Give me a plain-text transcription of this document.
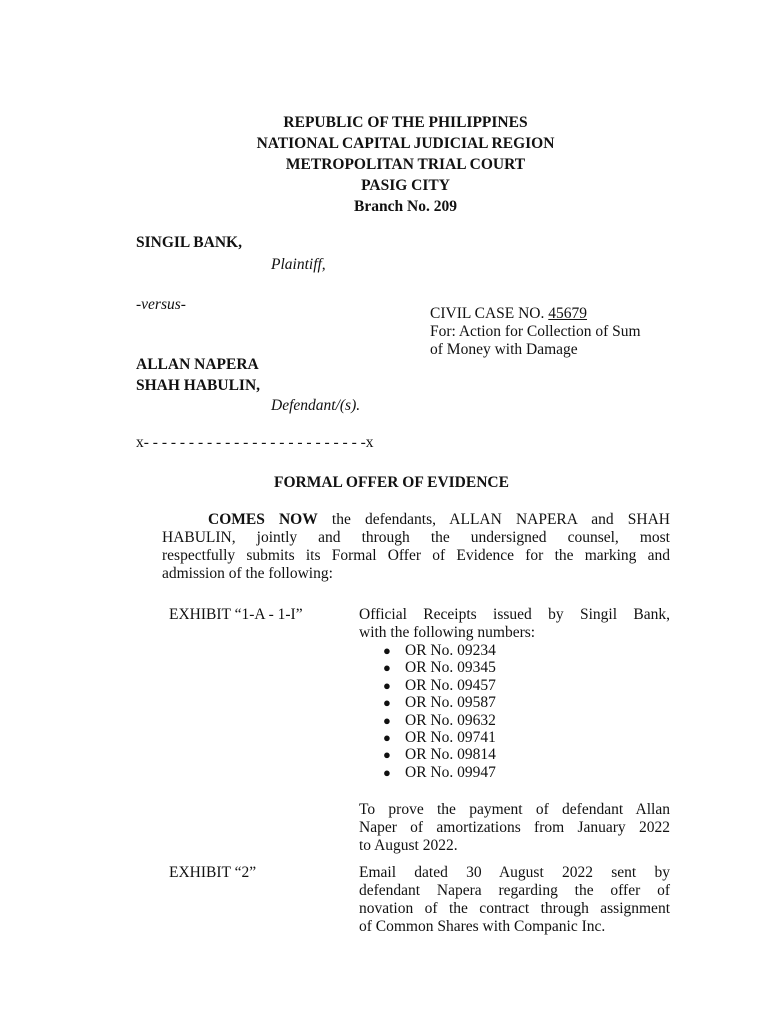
REPUBLIC OF THE PHILIPPINES
NATIONAL CAPITAL JUDICIAL REGION
METROPOLITAN TRIAL COURT
PASIG CITY
Branch No. 209
SINGIL BANK,
Plaintiff,
-versus-
ALLAN NAPERA
SHAH HABULIN,
Defendant/(s).
CIVIL CASE NO. 45679
For: Action for Collection of Sum
of Money with Damage
x- - - - - - - - - - - - - - - - - - - - - - - - -x
FORMAL OFFER OF EVIDENCE
COMES NOW the defendants, ALLAN NAPERA and SHAH
HABULIN, jointly and through the undersigned counsel, most
respectfully submits its Formal Offer of Evidence for the marking and
admission of the following:
EXHIBIT “1-A - 1-I”	Official Receipts issued by Singil Bank,
with the following numbers:
● OR No. 09234
● OR No. 09345
● OR No. 09457
● OR No. 09587
● OR No. 09632
● OR No. 09741
● OR No. 09814
● OR No. 09947
To prove the payment of defendant Allan
Naper of amortizations from January 2022
to August 2022.
EXHIBIT “2”	Email dated 30 August 2022 sent by
defendant Napera regarding the offer of
novation of the contract through assignment
of Common Shares with Companic Inc.
